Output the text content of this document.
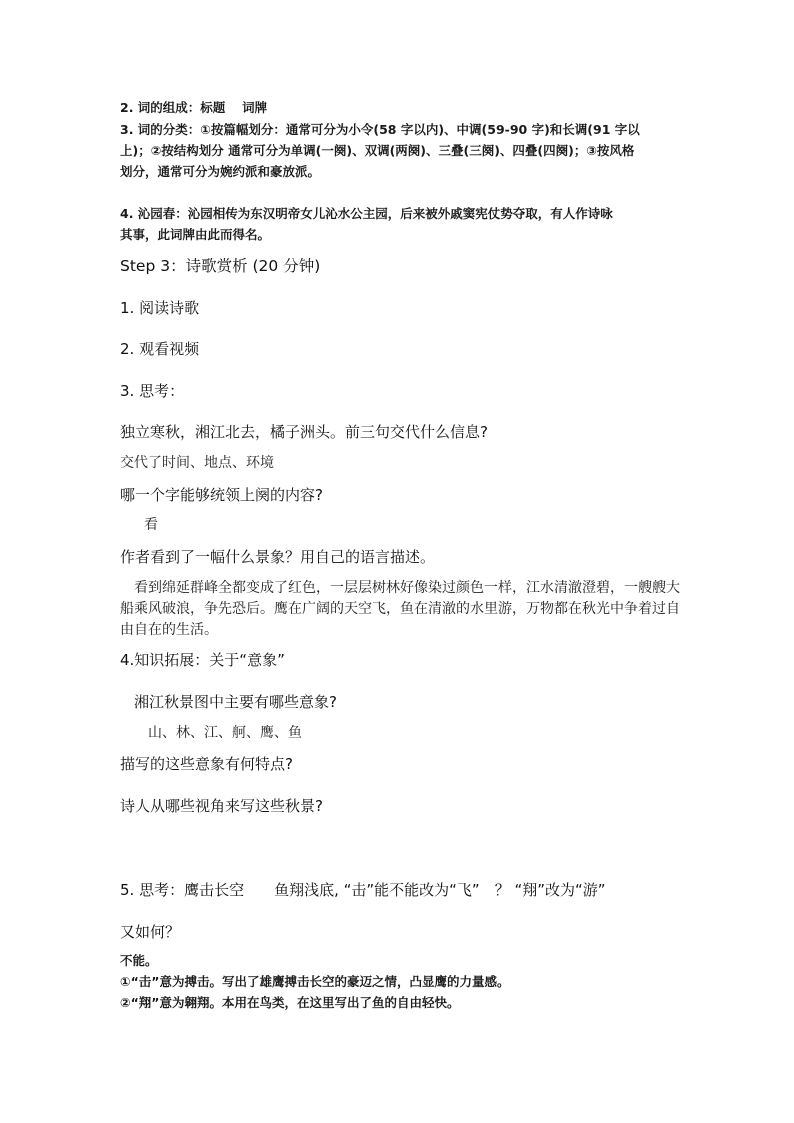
2. 词的组成：标题　 词牌

3. 词的分类：①按篇幅划分：通常可分为小令(58 字以内)、中调(59-90 字)和长调(91 字以

上)；②按结构划分 通常可分为单调(一阕)、双调(两阕)、三叠(三阕)、四叠(四阕)；③按风格

划分，通常可分为婉约派和豪放派。

4. 沁园春：沁园相传为东汉明帝女儿沁水公主园，后来被外戚窦宪仗势夺取，有人作诗咏

其事，此词牌由此而得名。

Step 3：诗歌赏析 (20 分钟)

1. 阅读诗歌

2. 观看视频

3. 思考：

独立寒秋，湘江北去，橘子洲头。前三句交代什么信息?

交代了时间、地点、环境

哪一个字能够统领上阕的内容?

看

作者看到了一幅什么景象？用自己的语言描述。

看到绵延群峰全都变成了红色，一层层树林好像染过颜色一样，江水清澈澄碧，一艘艘大

船乘风破浪，争先恐后。鹰在广阔的天空飞，鱼在清澈的水里游，万物都在秋光中争着过自

由自在的生活。

4.知识拓展：关于“意象”

湘江秋景图中主要有哪些意象?

山、林、江、舸、鹰、鱼

描写的这些意象有何特点?

诗人从哪些视角来写这些秋景?

5. 思考：鹰击长空　　鱼翔浅底, “击”能不能改为“飞”　？ “翔”改为“游”

又如何？

不能。

①“击”意为搏击。写出了雄鹰搏击长空的豪迈之情，凸显鹰的力量感。

②“翔”意为翱翔。本用在鸟类，在这里写出了鱼的自由轻快。
